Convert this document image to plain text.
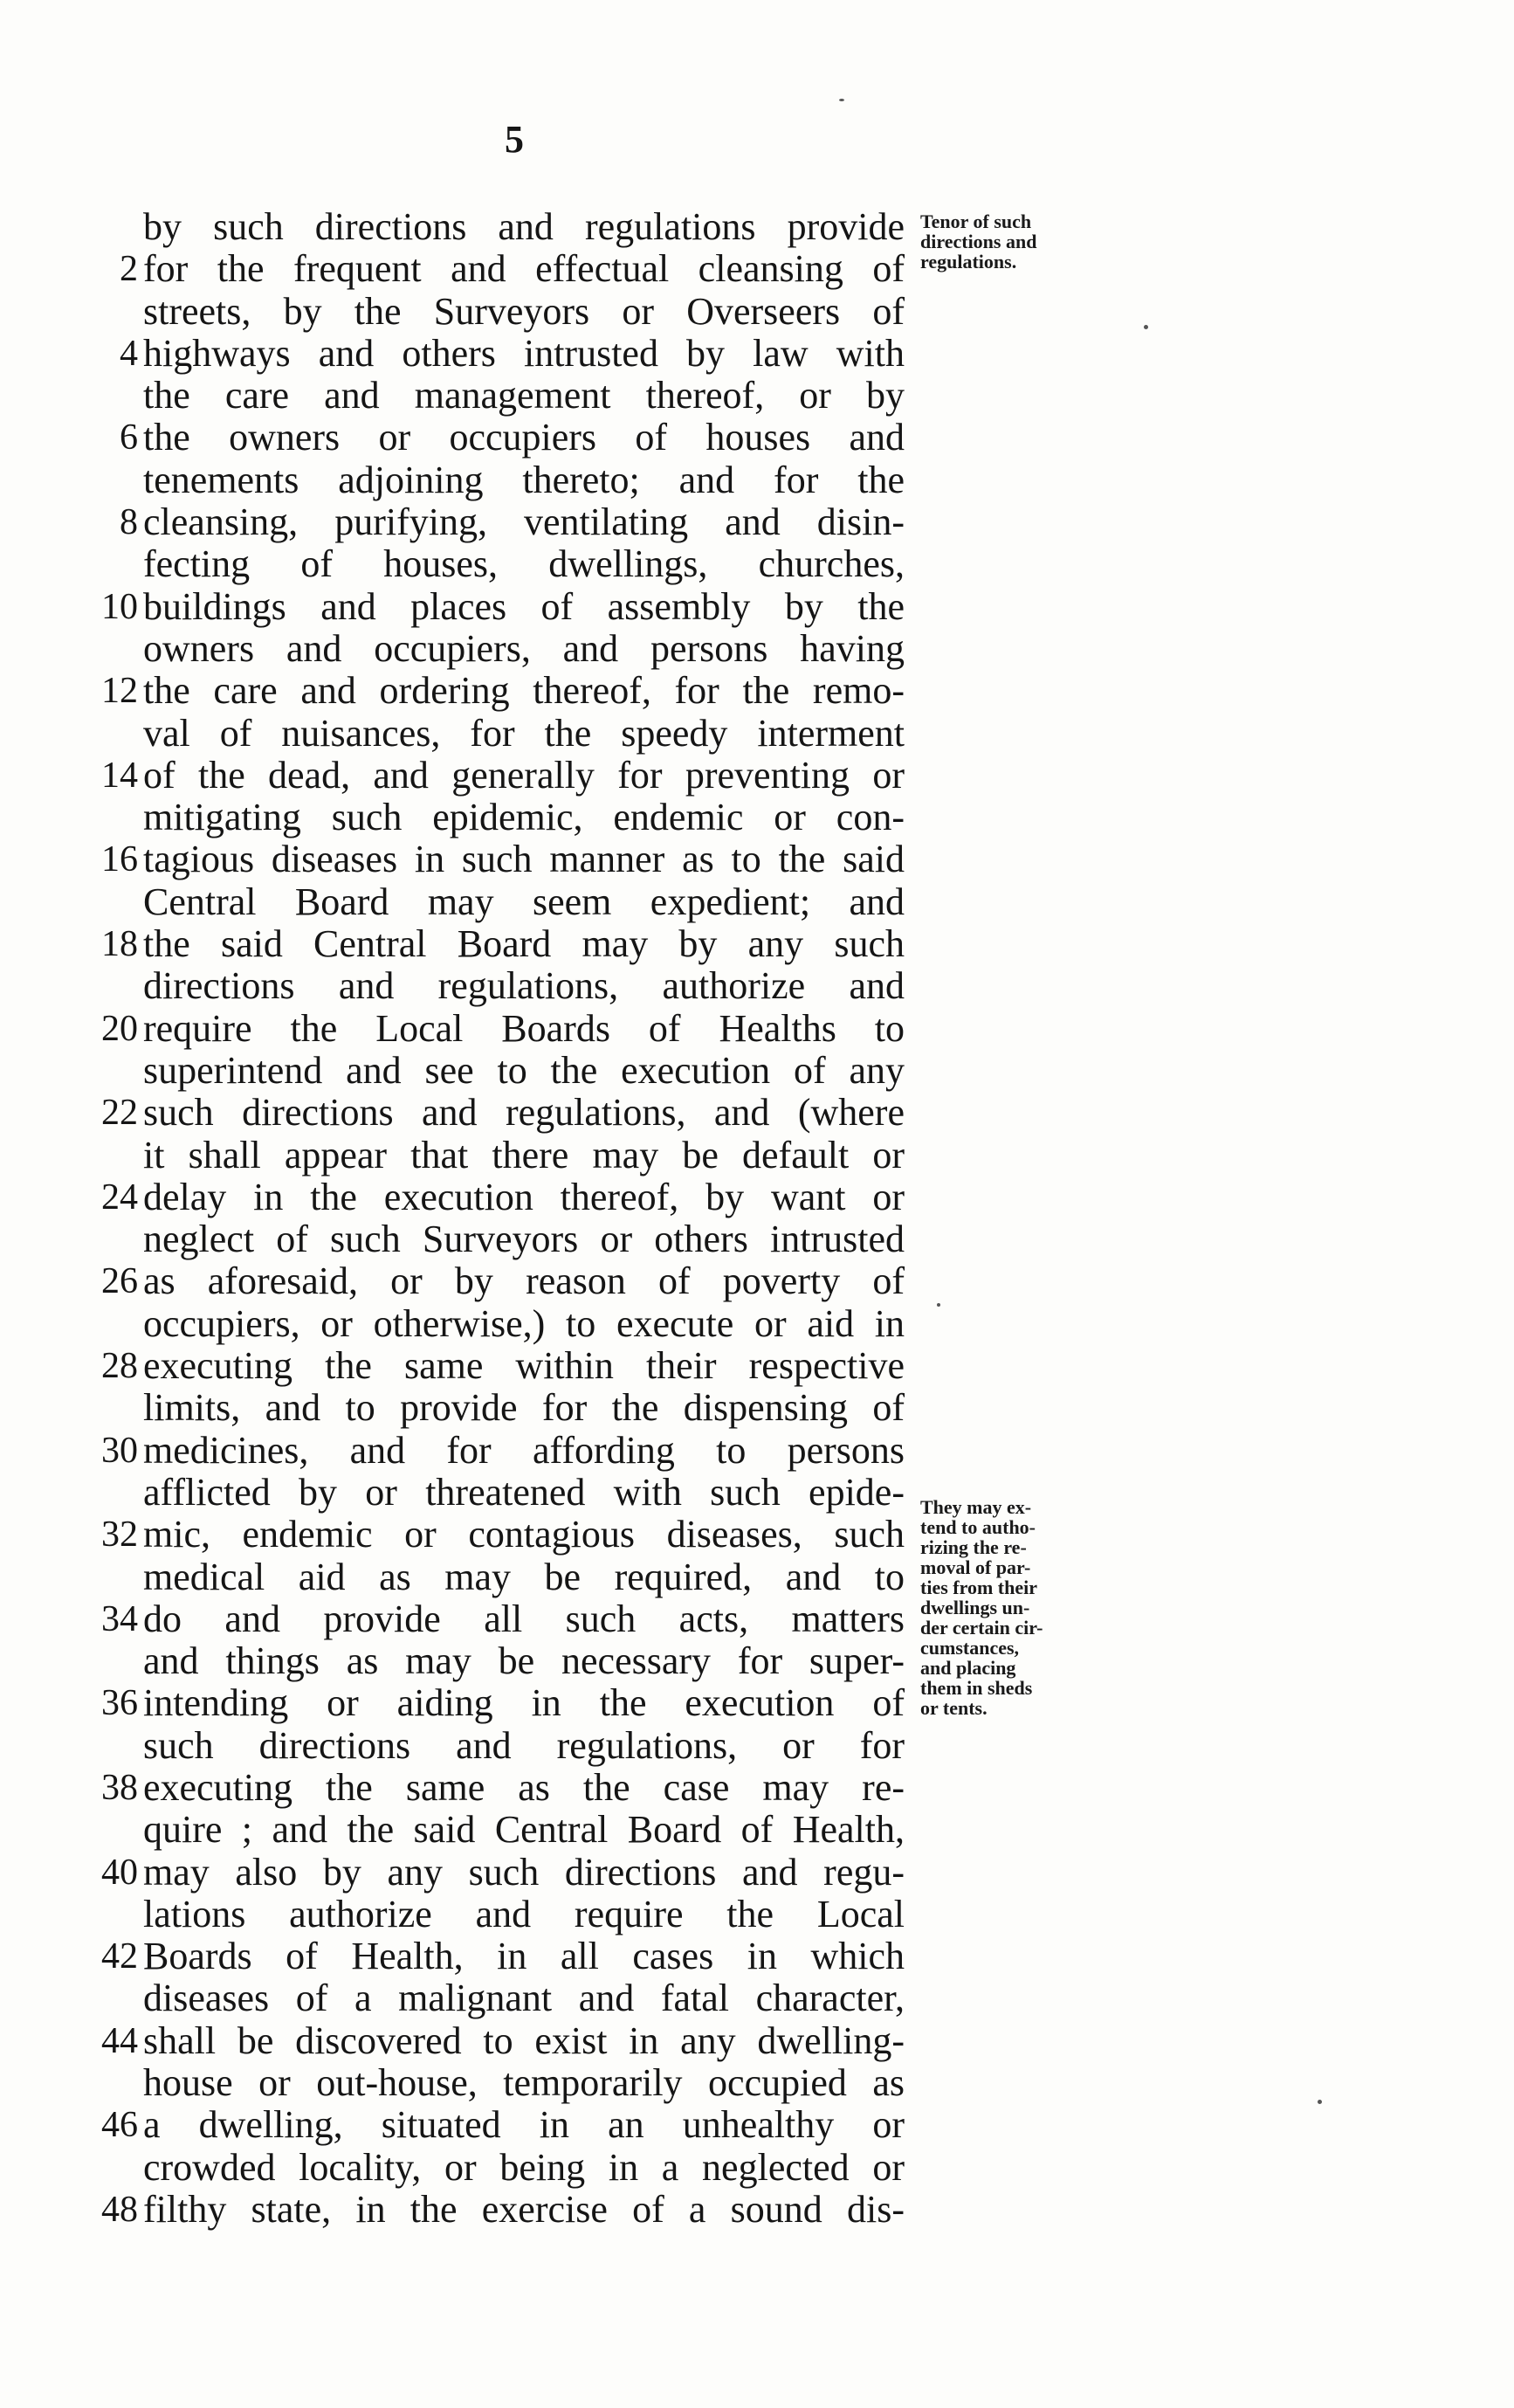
5
by such directions and regulations provide
2 for the frequent and effectual cleansing of
streets, by the Surveyors or Overseers of
4 highways and others intrusted by law with
the care and management thereof, or by
6 the owners or occupiers of houses and
tenements adjoining thereto; and for the
8 cleansing, purifying, ventilating and disin-
fecting of houses, dwellings, churches,
10 buildings and places of assembly by the
owners and occupiers, and persons having
12 the care and ordering thereof, for the remo-
val of nuisances, for the speedy interment
14 of the dead, and generally for preventing or
mitigating such epidemic, endemic or con-
16 tagious diseases in such manner as to the said
Central Board may seem expedient; and
18 the said Central Board may by any such
directions and regulations, authorize and
20 require the Local Boards of Healths to
superintend and see to the execution of any
22 such directions and regulations, and (where
it shall appear that there may be default or
24 delay in the execution thereof, by want or
neglect of such Surveyors or others intrusted
26 as aforesaid, or by reason of poverty of
occupiers, or otherwise,) to execute or aid in
28 executing the same within their respective
limits, and to provide for the dispensing of
30 medicines, and for affording to persons
afflicted by or threatened with such epide-
32 mic, endemic or contagious diseases, such
medical aid as may be required, and to
34 do and provide all such acts, matters
and things as may be necessary for super-
36 intending or aiding in the execution of
such directions and regulations, or for
38 executing the same as the case may re-
quire ; and the said Central Board of Health,
40 may also by any such directions and regu-
lations authorize and require the Local
42 Boards of Health, in all cases in which
diseases of a malignant and fatal character,
44 shall be discovered to exist in any dwelling-
house or out-house, temporarily occupied as
46 a dwelling, situated in an unhealthy or
crowded locality, or being in a neglected or
48 filthy state, in the exercise of a sound dis-
Tenor of such
directions and
regulations.
They may ex-
tend to autho-
rizing the re-
moval of par-
ties from their
dwellings un-
der certain cir-
cumstances,
and placing
them in sheds
or tents.
